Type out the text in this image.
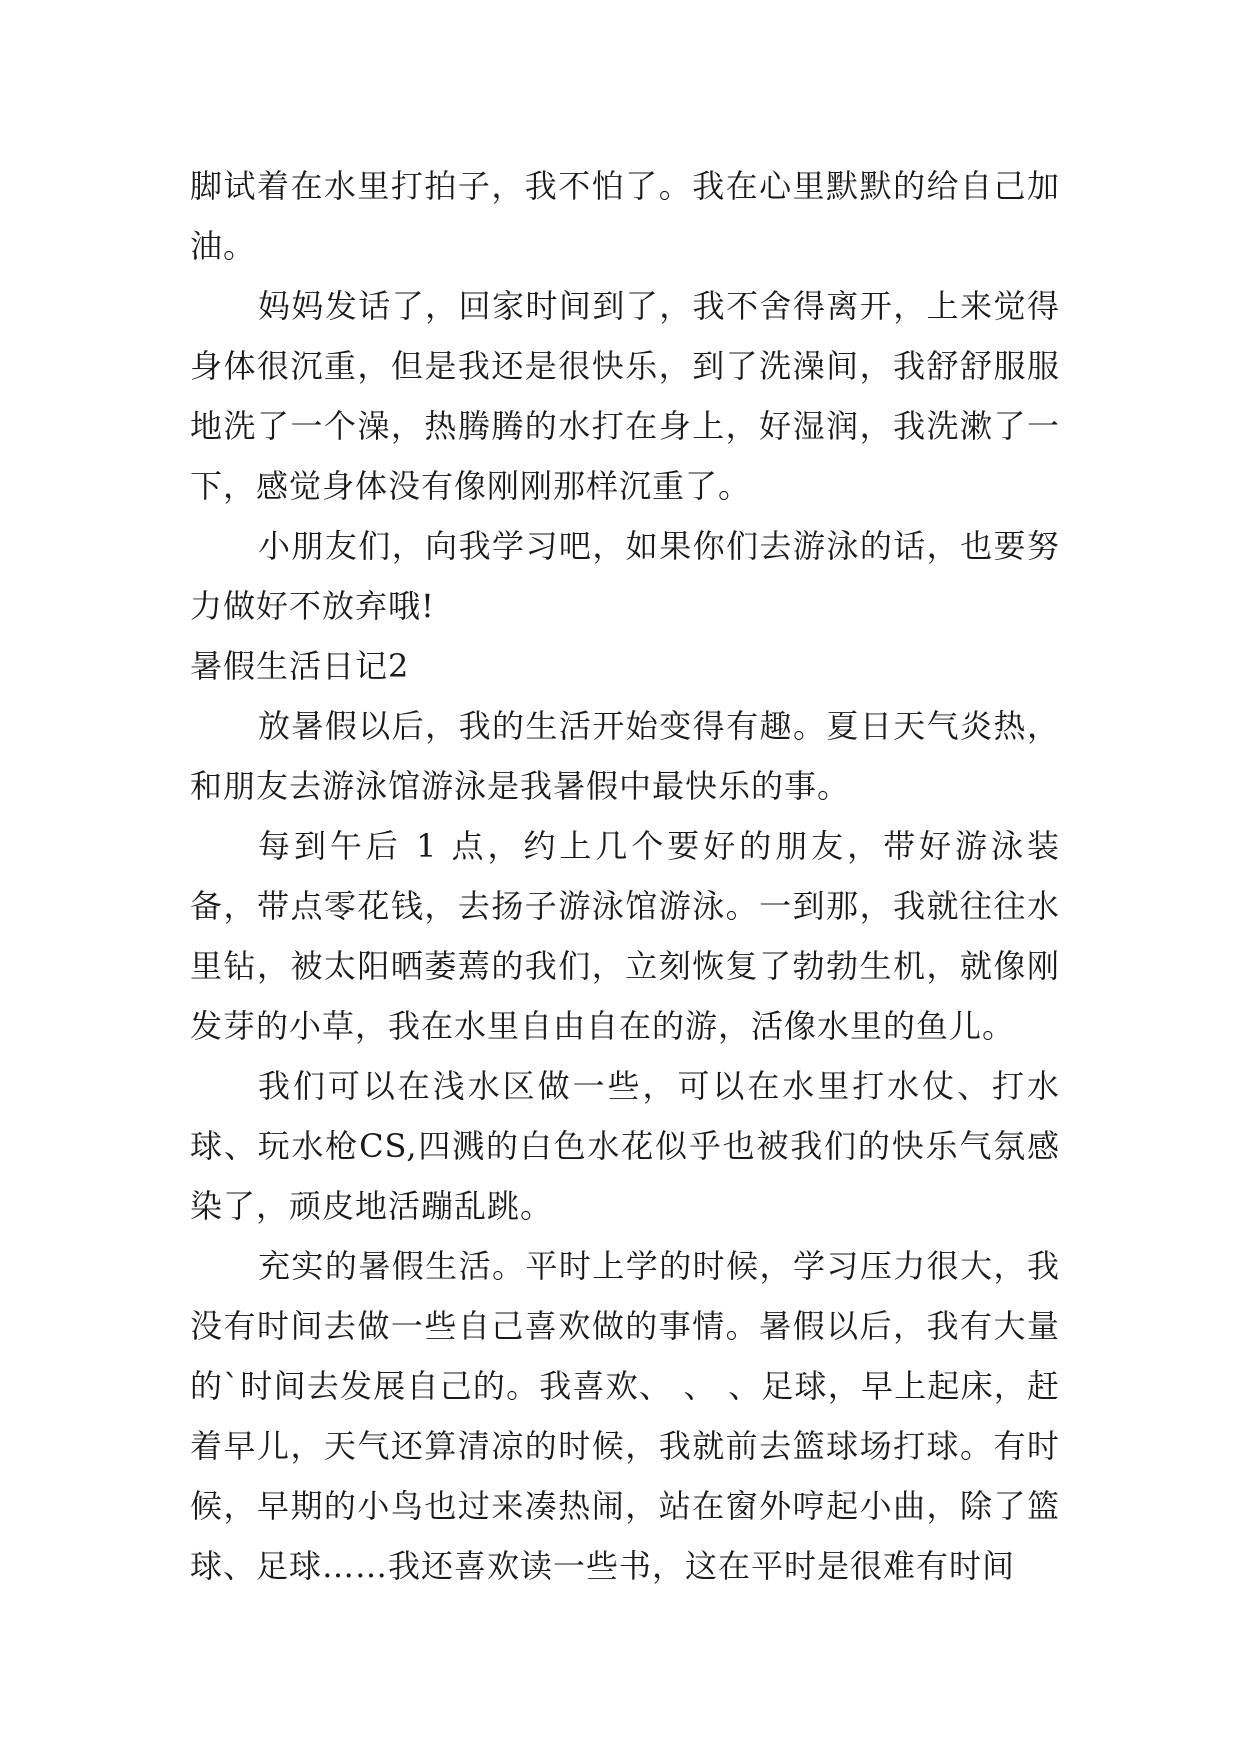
脚试着在水里打拍子，我不怕了。我在心里默默的给自己加油。

妈妈发话了，回家时间到了，我不舍得离开，上来觉得身体很沉重，但是我还是很快乐，到了洗澡间，我舒舒服服地洗了一个澡，热腾腾的水打在身上，好湿润，我洗漱了一下，感觉身体没有像刚刚那样沉重了。

小朋友们，向我学习吧，如果你们去游泳的话，也要努力做好不放弃哦!

暑假生活日记2

放暑假以后，我的生活开始变得有趣。夏日天气炎热，和朋友去游泳馆游泳是我暑假中最快乐的事。

每到午后 1 点，约上几个要好的朋友，带好游泳装备，带点零花钱，去扬子游泳馆游泳。一到那，我就往往水里钻，被太阳晒萎蔫的我们，立刻恢复了勃勃生机，就像刚发芽的小草，我在水里自由自在的游，活像水里的鱼儿。

我们可以在浅水区做一些，可以在水里打水仗、打水球、玩水枪CS,四溅的白色水花似乎也被我们的快乐气氛感染了，顽皮地活蹦乱跳。

充实的暑假生活。平时上学的时候，学习压力很大，我没有时间去做一些自己喜欢做的事情。暑假以后，我有大量的`时间去发展自己的。我喜欢、 、 、足球，早上起床，赶着早儿，天气还算清凉的时候，我就前去篮球场打球。有时候，早期的小鸟也过来凑热闹，站在窗外哼起小曲，除了篮球、足球……我还喜欢读一些书，这在平时是很难有时间
